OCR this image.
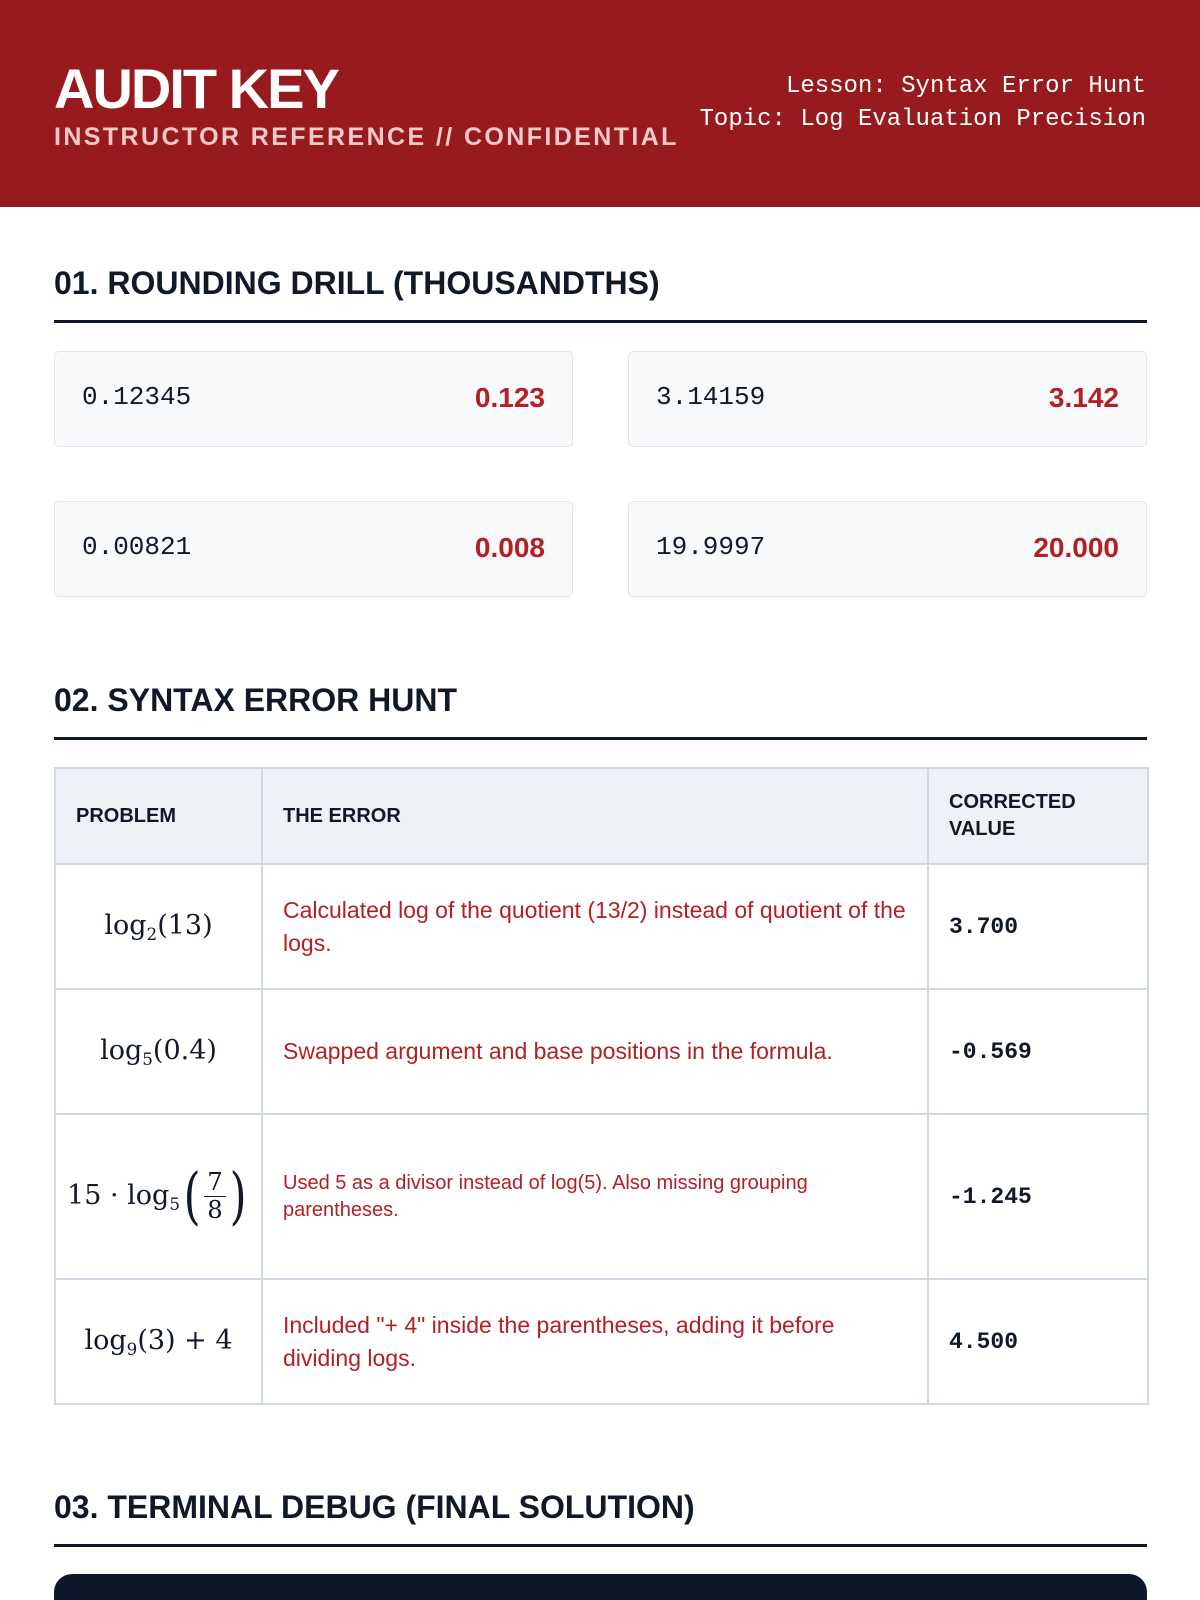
AUDIT KEY
INSTRUCTOR REFERENCE // CONFIDENTIAL
Lesson: Syntax Error Hunt
Topic: Log Evaluation Precision
01. ROUNDING DRILL (THOUSANDTHS)
0.12345	0.123	3.14159	3.142
0.00821	0.008	19.9997	20.000
02. SYNTAX ERROR HUNT
PROBLEM	THE ERROR	CORRECTED VALUE
$\log_2(13)$	Calculated log of the quotient (13/2) instead of quotient of the logs.	3.700
$\log_5(0.4)$	Swapped argument and base positions in the formula.	-0.569
$15 \cdot \log_5( \frac{7}{8}$ )	Used 5 as a divisor instead of log(5). Also missing grouping parentheses.	-1.245
$\log_9(3) + 4$	Included "+ 4" inside the parentheses, adding it before dividing logs.	4.500
03. TERMINAL DEBUG (FINAL SOLUTION)
